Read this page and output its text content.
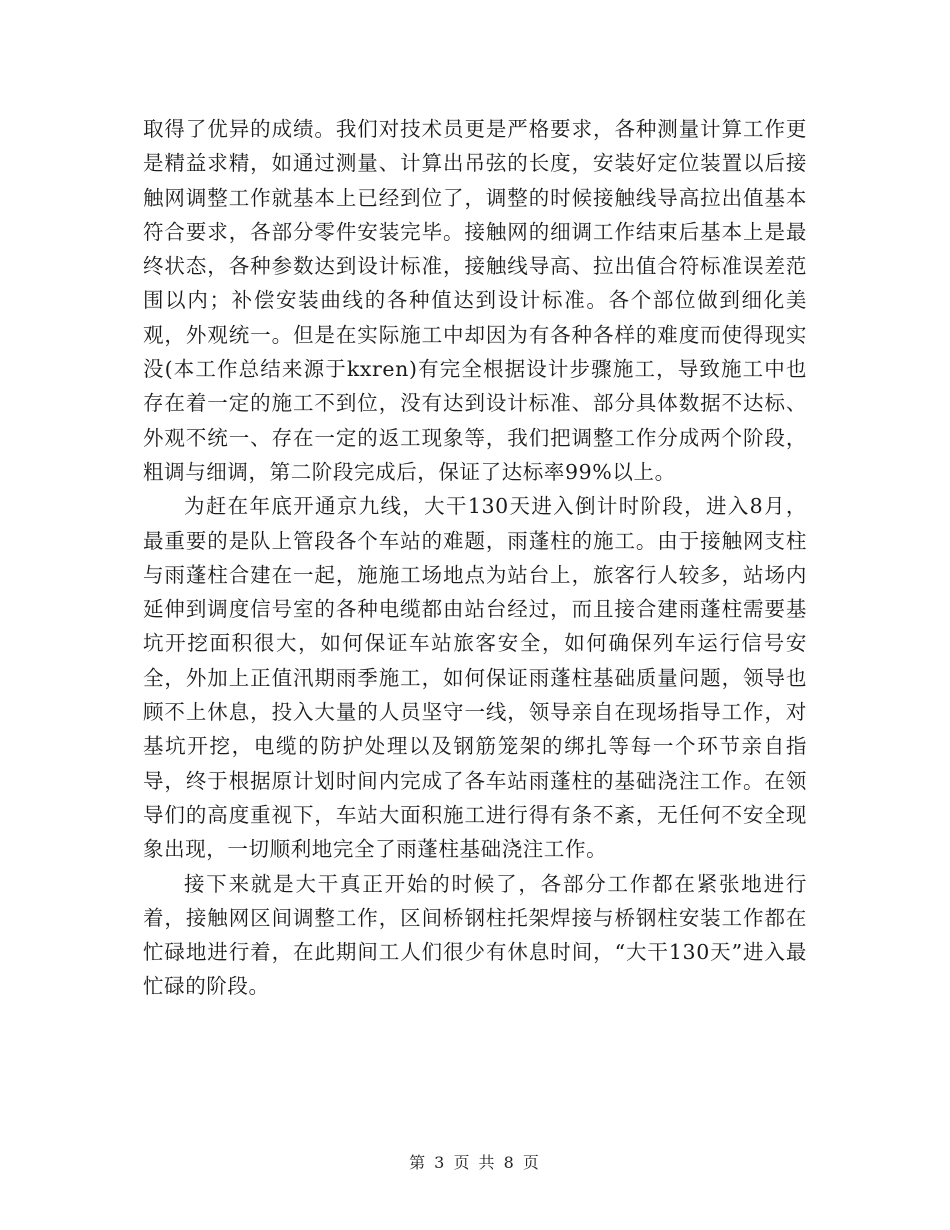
取得了优异的成绩。我们对技术员更是严格要求，各种测量计算工作更是精益求精，如通过测量、计算出吊弦的长度，安装好定位装置以后接触网调整工作就基本上已经到位了，调整的时候接触线导高拉出值基本符合要求，各部分零件安装完毕。接触网的细调工作结束后基本上是最终状态，各种参数达到设计标准，接触线导高、拉出值合符标准误差范围以内；补偿安装曲线的各种值达到设计标准。各个部位做到细化美观，外观统一。但是在实际施工中却因为有各种各样的难度而使得现实没(本工作总结来源于kxren)有完全根据设计步骤施工，导致施工中也存在着一定的施工不到位，没有达到设计标准、部分具体数据不达标、外观不统一、存在一定的返工现象等，我们把调整工作分成两个阶段，粗调与细调，第二阶段完成后，保证了达标率99%以上。

为赶在年底开通京九线，大干130天进入倒计时阶段，进入8月，最重要的是队上管段各个车站的难题，雨蓬柱的施工。由于接触网支柱与雨蓬柱合建在一起，施施工场地点为站台上，旅客行人较多，站场内延伸到调度信号室的各种电缆都由站台经过，而且接合建雨蓬柱需要基坑开挖面积很大，如何保证车站旅客安全，如何确保列车运行信号安全，外加上正值汛期雨季施工，如何保证雨蓬柱基础质量问题，领导也顾不上休息，投入大量的人员坚守一线，领导亲自在现场指导工作，对基坑开挖，电缆的防护处理以及钢筋笼架的绑扎等每一个环节亲自指导，终于根据原计划时间内完成了各车站雨蓬柱的基础浇注工作。在领导们的高度重视下，车站大面积施工进行得有条不紊，无任何不安全现象出现，一切顺利地完全了雨蓬柱基础浇注工作。

接下来就是大干真正开始的时候了，各部分工作都在紧张地进行着，接触网区间调整工作，区间桥钢柱托架焊接与桥钢柱安装工作都在忙碌地进行着，在此期间工人们很少有休息时间，“大干130天”进入最忙碌的阶段。

第 3 页 共 8 页
